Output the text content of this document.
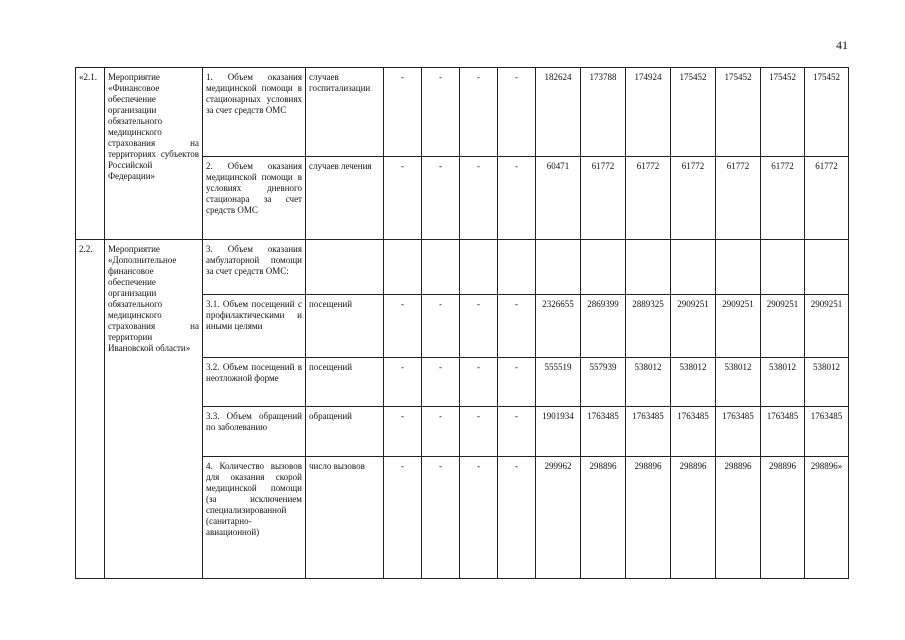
41
«2.1.	Мероприятие «Финансовое обеспечение организации обязательного медицинского страхования на территориях субъектов Российской Федерации»	1. Объем оказания медицинской помощи в стационарных условиях за счет средств ОМС	случаев госпитализации	-	-	-	-	182624	173788	174924	175452	175452	175452	175452
		2. Объем оказания медицинской помощи в условиях дневного стационара за счет средств ОМС	случаев лечения	-	-	-	-	60471	61772	61772	61772	61772	61772	61772
2.2.	Мероприятие «Дополнительное финансовое обеспечение организации обязательного медицинского страхования на территории Ивановской области»	3. Объем оказания амбулаторной помощи за счет средств ОМС:												
		3.1. Объем посещений с профилактическими и иными целями	посещений	-	-	-	-	2326655	2869399	2889325	2909251	2909251	2909251	2909251
		3.2. Объем посещений в неотложной форме	посещений	-	-	-	-	555519	557939	538012	538012	538012	538012	538012
		3.3. Объем обращений по заболеванию	обращений	-	-	-	-	1901934	1763485	1763485	1763485	1763485	1763485	1763485
		4. Количество вызовов для оказания скорой медицинской помощи (за исключением специализированной (санитарно-авиационной)	число вызовов	-	-	-	-	299962	298896	298896	298896	298896	298896	298896»
